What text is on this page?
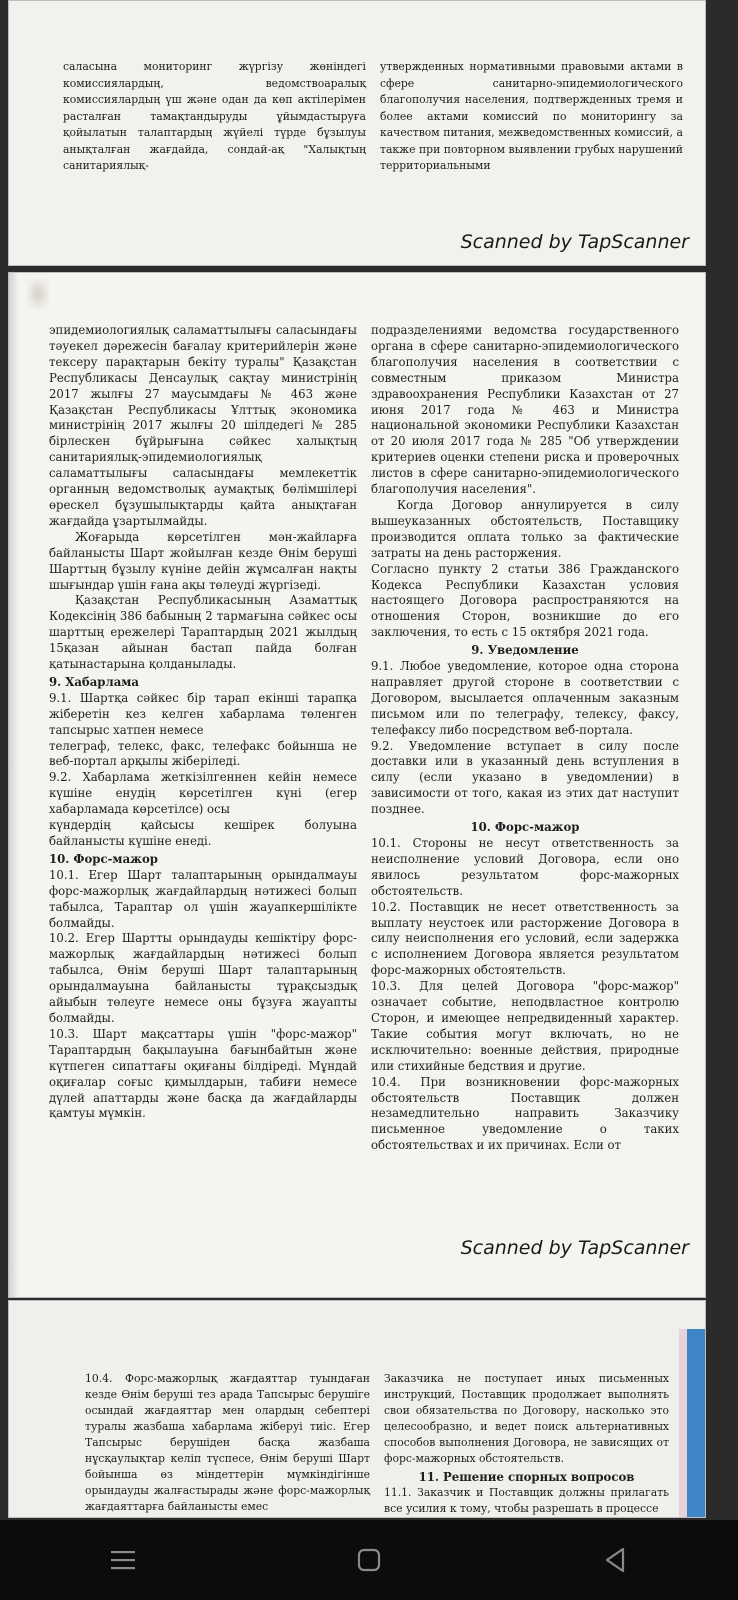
саласына мониторинг жүргізу жөніндегі комиссиялардың, ведомствоаралық комиссиялардың үш және одан да көп актілерімен расталған тамақтандыруды ұйымдастыруға қойылатын талаптардың жүйелі түрде бұзылуы анықталған жағдайда, сондай-ақ "Халықтың санитариялық-

утвержденных нормативными правовыми актами в сфере санитарно-эпидемиологического благополучия населения, подтвержденных тремя и более актами комиссий по мониторингу за качеством питания, межведомственных комиссий, а также при повторном выявлении грубых нарушений территориальными

Scanned by TapScanner

эпидемиологиялық саламаттылығы саласындағы тәуекел дәрежесін бағалау критерийлерін және тексеру парақтарын бекіту туралы" Қазақстан Республикасы Денсаулық сақтау министрінің 2017 жылғы 27 маусымдағы № 463 және Қазақстан Республикасы Ұлттық экономика министрінің 2017 жылғы 20 шілдедегі № 285 бірлескен бұйрығына сәйкес халықтың санитариялық-эпидемиологиялық саламаттылығы саласындағы мемлекеттік органның ведомстволық аумақтық бөлімшілері өрескел бұзушылықтарды қайта анықтаған жағдайда ұзартылмайды.

Жоғарыда көрсетілген мән-жайларға байланысты Шарт жойылған кезде Өнім беруші Шарттың бұзылу күніне дейін жұмсалған нақты шығындар үшін ғана ақы төлеуді жүргізеді.

Қазақстан Республикасының Азаматтық Кодексінің 386 бабының 2 тармағына сәйкес осы шарттың ережелері Тараптардың 2021 жылдың 15қазан айынан бастап пайда болған қатынастарына қолданылады.

9. Хабарлама

9.1. Шартқа сәйкес бір тарап екінші тарапқа жіберетін кез келген хабарлама төленген тапсырыс хатпен немесе

телеграф, телекс, факс, телефакс бойынша не веб-портал арқылы жіберіледі.

9.2. Хабарлама жеткізілгеннен кейін немесе күшіне енудің көрсетілген күні (егер хабарламада көрсетілсе) осы

күндердің қайсысы кешірек болуына байланысты күшіне енеді.

10. Форс-мажор

10.1. Егер Шарт талаптарының орындалмауы форс-мажорлық жағдайлардың нәтижесі болып табылса, Тараптар ол үшін жауапкершілікте болмайды.

10.2. Егер Шартты орындауды кешіктіру форс-мажорлық жағдайлардың нәтижесі болып табылса, Өнім беруші Шарт талаптарының орындалмауына байланысты тұрақсыздық айыбын төлеуге немесе оны бұзуға жауапты болмайды.

10.3. Шарт мақсаттары үшін "форс-мажор" Тараптардың бақылауына бағынбайтын және күтпеген сипаттағы оқиғаны білдіреді. Мұндай оқиғалар соғыс қимылдарын, табиғи немесе дүлей апаттарды және басқа да жағдайларды қамтуы мүмкін.

подразделениями ведомства государственного органа в сфере санитарно-эпидемиологического благополучия населения в соответствии с совместным приказом Министра здравоохранения Республики Казахстан от 27 июня 2017 года № 463 и Министра национальной экономики Республики Казахстан от 20 июля 2017 года № 285 "Об утверждении критериев оценки степени риска и проверочных листов в сфере санитарно-эпидемиологического благополучия населения".

Когда Договор аннулируется в силу вышеуказанных обстоятельств, Поставщику производится оплата только за фактические затраты на день расторжения.

Согласно пункту 2 статьи 386 Гражданского Кодекса Республики Казахстан условия настоящего Договора распространяются на отношения Сторон, возникшие до его заключения, то есть с 15 октября 2021 года.

9. Уведомление

9.1. Любое уведомление, которое одна сторона направляет другой стороне в соответствии с Договором, высылается оплаченным заказным письмом или по телеграфу, телексу, факсу, телефаксу либо посредством веб-портала.

9.2. Уведомление вступает в силу после доставки или в указанный день вступления в силу (если указано в уведомлении) в зависимости от того, какая из этих дат наступит позднее.

10. Форс-мажор

10.1. Стороны не несут ответственность за неисполнение условий Договора, если оно явилось результатом форс-мажорных обстоятельств.

10.2. Поставщик не несет ответственность за выплату неустоек или расторжение Договора в силу неисполнения его условий, если задержка с исполнением Договора является результатом форс-мажорных обстоятельств.

10.3. Для целей Договора "форс-мажор" означает событие, неподвластное контролю Сторон, и имеющее непредвиденный характер. Такие события могут включать, но не исключительно: военные действия, природные или стихийные бедствия и другие.

10.4. При возникновении форс-мажорных обстоятельств Поставщик должен незамедлительно направить Заказчику письменное уведомление о таких обстоятельствах и их причинах. Если от

Scanned by TapScanner

10.4. Форс-мажорлық жағдаяттар туындаған кезде Өнім беруші тез арада Тапсырыс берушіге осындай жағдаяттар мен олардың себептері туралы жазбаша хабарлама жіберуі тиіс. Егер Тапсырыс берушіден басқа жазбаша нұсқаулықтар келіп түспесе, Өнім беруші Шарт бойынша өз міндеттерін мүмкіндігінше орындауды жалғастырады және форс-мажорлық жағдаяттарға байланысты емес

Заказчика не поступает иных письменных инструкций, Поставщик продолжает выполнять свои обязательства по Договору, насколько это целесообразно, и ведет поиск альтернативных способов выполнения Договора, не зависящих от форс-мажорных обстоятельств.

11. Решение спорных вопросов

11.1. Заказчик и Поставщик должны прилагать все усилия к тому, чтобы разрешать в процессе
